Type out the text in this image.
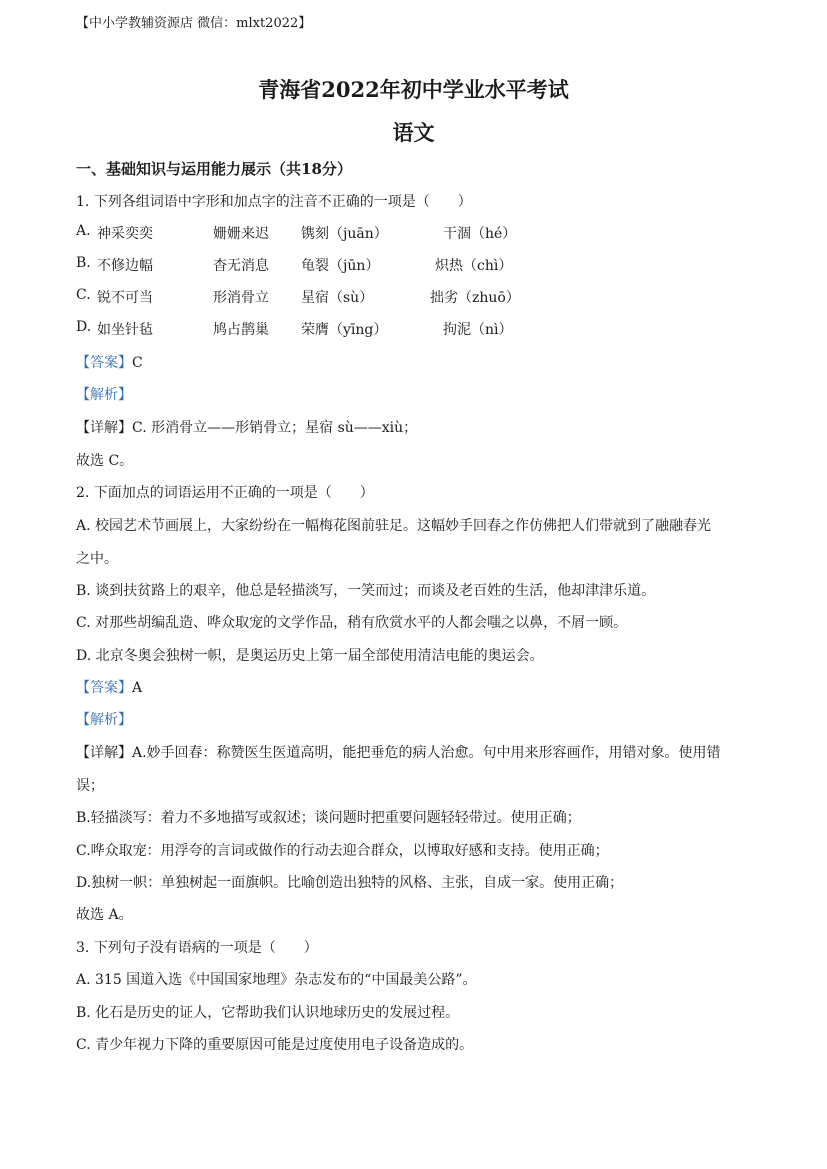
【中小学教辅资源店 微信：mlxt2022】
青海省2022年初中学业水平考试
语文
一、基础知识与运用能力展示（共18分）
1. 下列各组词语中字形和加点字的注音不正确的一项是（　　）
A. 神采奕奕	姗姗来迟 镌刻（juān）	干涸（hé）
B. 不修边幅	杳无消息 龟裂（jūn）	炽热（chì）
C. 锐不可当	形消骨立 星宿（sù）	拙劣（zhuō）
D. 如坐针毡	鸠占鹊巢 荣膺（yīng）	拘泥（nì）
【答案】C
【解析】
【详解】C. 形消骨立——形销骨立；星宿 sù——xiù；
故选 C。
2. 下面加点的词语运用不正确的一项是（　　）
A. 校园艺术节画展上，大家纷纷在一幅梅花图前驻足。这幅妙手回春之作仿佛把人们带就到了融融春光
之中。
B. 谈到扶贫路上的艰辛，他总是轻描淡写，一笑而过；而谈及老百姓的生活，他却津津乐道。
C. 对那些胡编乱造、哗众取宠的文学作品，稍有欣赏水平的人都会嗤之以鼻，不屑一顾。
D. 北京冬奥会独树一帜，是奥运历史上第一届全部使用清洁电能的奥运会。
【答案】A
【解析】
【详解】A.妙手回春：称赞医生医道高明，能把垂危的病人治愈。句中用来形容画作，用错对象。使用错
误；
B.轻描淡写：着力不多地描写或叙述；谈问题时把重要问题轻轻带过。使用正确；
C.哗众取宠：用浮夸的言词或做作的行动去迎合群众，以博取好感和支持。使用正确；
D.独树一帜：单独树起一面旗帜。比喻创造出独特的风格、主张，自成一家。使用正确；
故选 A。
3. 下列句子没有语病的一项是（　　）
A. 315 国道入选《中国国家地理》杂志发布的“中国最美公路”。
B. 化石是历史的证人，它帮助我们认识地球历史的发展过程。
C. 青少年视力下降的重要原因可能是过度使用电子设备造成的。
